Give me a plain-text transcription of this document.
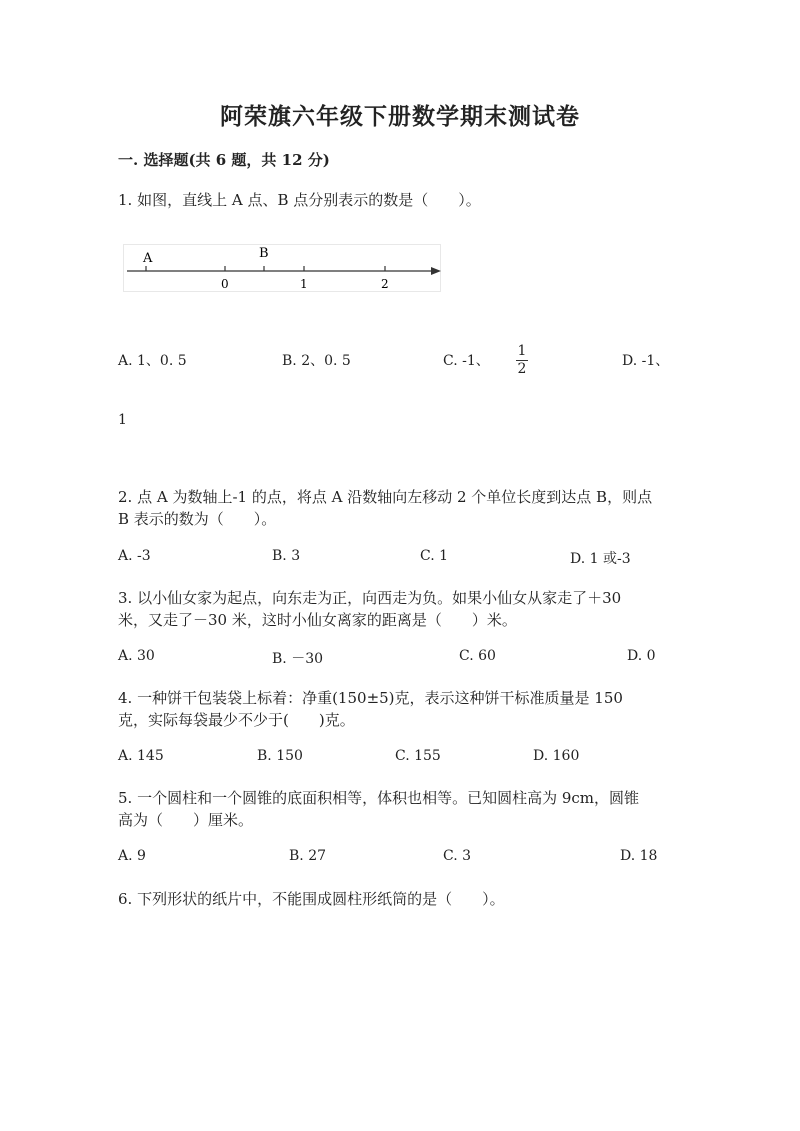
阿荣旗六年级下册数学期末测试卷
一. 选择题(共 6 题，共 12 分)
1. 如图，直线上 A 点、B 点分别表示的数是（　　）。
A	B
0	1	2
A. 1、0. 5	B. 2、0. 5	C. -1、
1
2	D. -1、
1
2. 点 A 为数轴上-1 的点，将点 A 沿数轴向左移动 2 个单位长度到达点 B，则点
B 表示的数为（　　）。
A. -3	B. 3	C. 1	D. 1 或-3
3. 以小仙女家为起点，向东走为正，向西走为负。如果小仙女从家走了＋30
米，又走了－30 米，这时小仙女离家的距离是（　　）米。
A. 30	B. －30	C. 60	D. 0
4. 一种饼干包装袋上标着：净重(150±5)克，表示这种饼干标准质量是 150
克，实际每袋最少不少于(　　)克。
A. 145	B. 150	C. 155	D. 160
5. 一个圆柱和一个圆锥的底面积相等，体积也相等。已知圆柱高为 9cm，圆锥
高为（　　）厘米。
A. 9	B. 27	C. 3	D. 18
6. 下列形状的纸片中，不能围成圆柱形纸筒的是（　　）。
